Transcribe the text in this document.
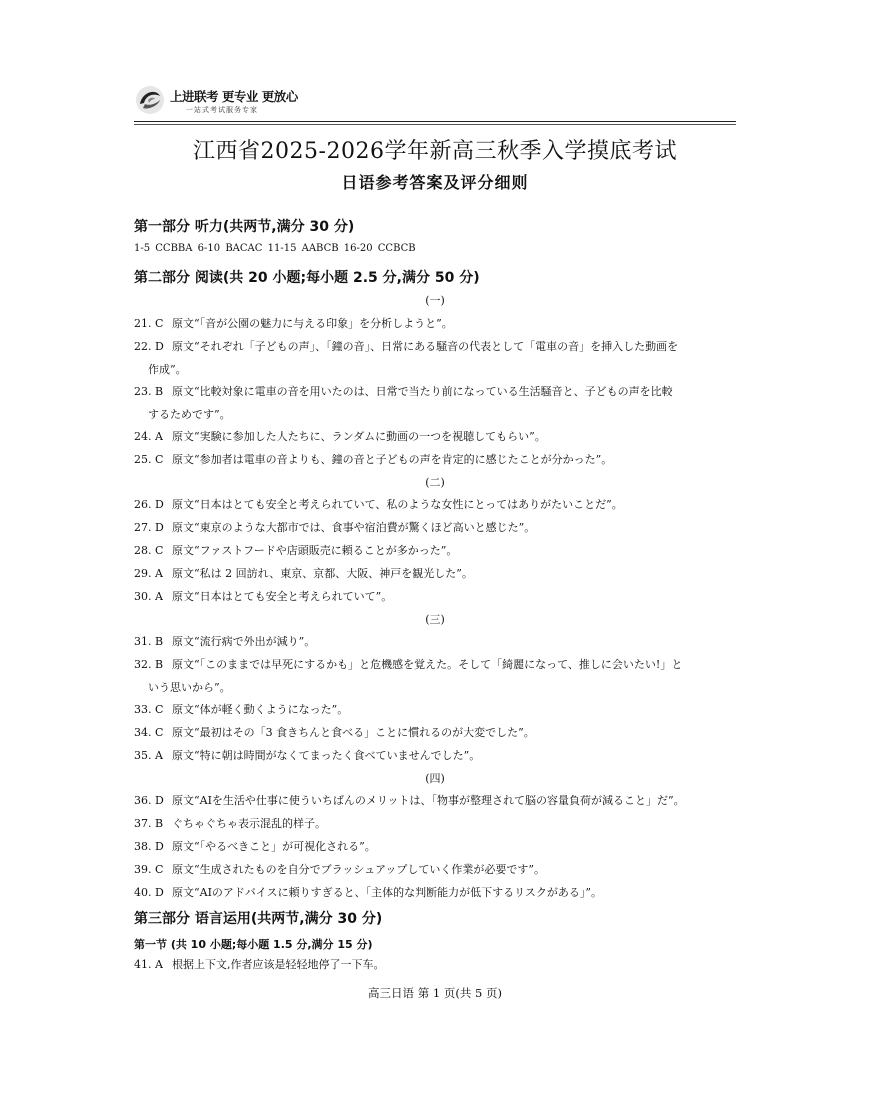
上进联考 更专业 更放心
一站式考试服务专家
江西省2025-2026学年新高三秋季入学摸底考试
日语参考答案及评分细则
第一部分 听力(共两节,满分 30 分)
1-5 CCBBA 6-10 BACAC 11-15 AABCB 16-20 CCBCB
第二部分 阅读(共 20 小题;每小题 2.5 分,满分 50 分)
(一)
21. C 原文“「音が公園の魅力に与える印象」を分析しようと”。
22. D 原文“それぞれ「子どもの声」、「鐘の音」、日常にある騒音の代表として「電車の音」を挿入した動画を
作成”。
23. B 原文“比較対象に電車の音を用いたのは、日常で当たり前になっている生活騒音と、子どもの声を比較
するためです”。
24. A 原文“実験に参加した人たちに、ランダムに動画の一つを視聴してもらい”。
25. C 原文“参加者は電車の音よりも、鐘の音と子どもの声を肯定的に感じたことが分かった”。
(二)
26. D 原文“日本はとても安全と考えられていて、私のような女性にとってはありがたいことだ”。
27. D 原文“東京のような大都市では、食事や宿泊費が驚くほど高いと感じた”。
28. C 原文“ファストフードや店頭販売に頼ることが多かった”。
29. A 原文“私は 2 回訪れ、東京、京都、大阪、神戸を観光した”。
30. A 原文“日本はとても安全と考えられていて”。
(三)
31. B 原文“流行病で外出が減り”。
32. B 原文“「このままでは早死にするかも」と危機感を覚えた。そして「綺麗になって、推しに会いたい!」と
いう思いから”。
33. C 原文“体が軽く動くようになった”。
34. C 原文“最初はその「3 食きちんと食べる」ことに慣れるのが大変でした”。
35. A 原文“特に朝は時間がなくてまったく食べていませんでした”。
(四)
36. D 原文“AIを生活や仕事に使ういちばんのメリットは、「物事が整理されて脳の容量負荷が減ること」だ”。
37. B ぐちゃぐちゃ表示混乱的样子。
38. D 原文“「やるべきこと」が可視化される”。
39. C 原文“生成されたものを自分でブラッシュアップしていく作業が必要です”。
40. D 原文“AIのアドバイスに頼りすぎると、「主体的な判断能力が低下するリスクがある」”。
第三部分 语言运用(共两节,满分 30 分)
第一节 (共 10 小题;每小题 1.5 分,满分 15 分)
41. A 根据上下文,作者应该是轻轻地停了一下车。
高三日语 第 1 页(共 5 页)
